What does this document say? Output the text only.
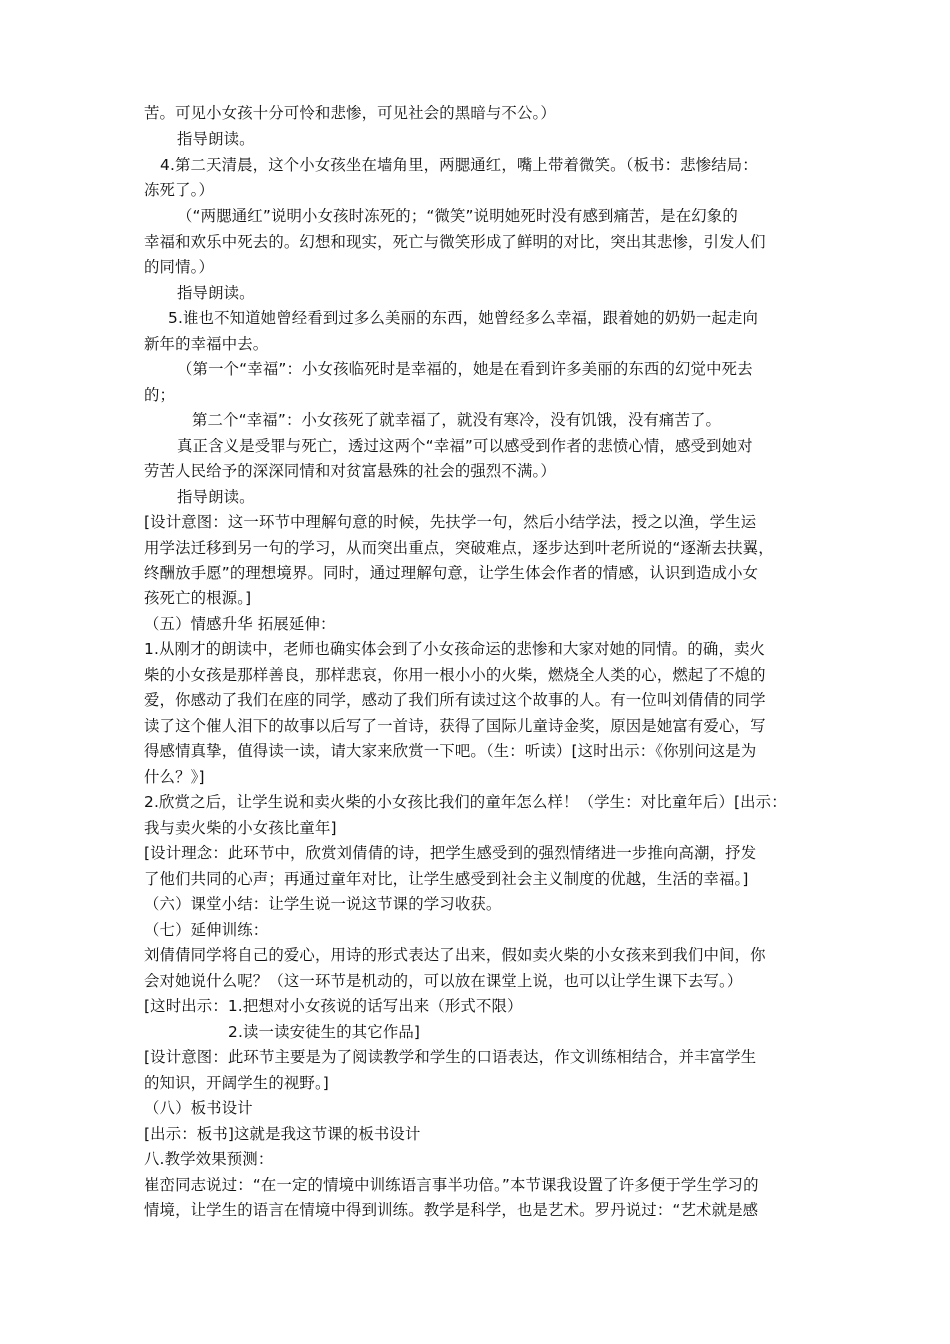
苦。可见小女孩十分可怜和悲惨，可见社会的黑暗与不公。）
指导朗读。
4.第二天清晨，这个小女孩坐在墙角里，两腮通红，嘴上带着微笑。（板书：悲惨结局：
冻死了。）
（“两腮通红”说明小女孩时冻死的；“微笑”说明她死时没有感到痛苦，是在幻象的
幸福和欢乐中死去的。幻想和现实，死亡与微笑形成了鲜明的对比，突出其悲惨，引发人们
的同情。）
指导朗读。
5.谁也不知道她曾经看到过多么美丽的东西，她曾经多么幸福，跟着她的奶奶一起走向
新年的幸福中去。
（第一个“幸福”：小女孩临死时是幸福的，她是在看到许多美丽的东西的幻觉中死去
的；
第二个“幸福”：小女孩死了就幸福了，就没有寒冷，没有饥饿，没有痛苦了。
真正含义是受罪与死亡，透过这两个“幸福”可以感受到作者的悲愤心情，感受到她对
劳苦人民给予的深深同情和对贫富悬殊的社会的强烈不满。）
指导朗读。
[设计意图：这一环节中理解句意的时候，先扶学一句，然后小结学法，授之以渔，学生运
用学法迁移到另一句的学习，从而突出重点，突破难点，逐步达到叶老所说的“逐渐去扶翼，
终酬放手愿”的理想境界。同时，通过理解句意，让学生体会作者的情感，认识到造成小女
孩死亡的根源。]
（五）情感升华 拓展延伸：
1.从刚才的朗读中，老师也确实体会到了小女孩命运的悲惨和大家对她的同情。的确，卖火
柴的小女孩是那样善良，那样悲哀，你用一根小小的火柴，燃烧全人类的心，燃起了不熄的
爱，你感动了我们在座的同学，感动了我们所有读过这个故事的人。有一位叫刘倩倩的同学
读了这个催人泪下的故事以后写了一首诗，获得了国际儿童诗金奖，原因是她富有爱心，写
得感情真挚，值得读一读，请大家来欣赏一下吧。（生：听读）[这时出示：《你别问这是为
什么？》]
2.欣赏之后，让学生说和卖火柴的小女孩比我们的童年怎么样！（学生：对比童年后）[出示：
我与卖火柴的小女孩比童年]
[设计理念：此环节中，欣赏刘倩倩的诗，把学生感受到的强烈情绪进一步推向高潮，抒发
了他们共同的心声；再通过童年对比，让学生感受到社会主义制度的优越，生活的幸福。]
（六）课堂小结：让学生说一说这节课的学习收获。
（七）延伸训练：
刘倩倩同学将自己的爱心，用诗的形式表达了出来，假如卖火柴的小女孩来到我们中间，你
会对她说什么呢？（这一环节是机动的，可以放在课堂上说，也可以让学生课下去写。）
[这时出示：1.把想对小女孩说的话写出来（形式不限）
2.读一读安徒生的其它作品]
[设计意图：此环节主要是为了阅读教学和学生的口语表达，作文训练相结合，并丰富学生
的知识，开阔学生的视野。]
（八）板书设计
[出示：板书]这就是我这节课的板书设计
八.教学效果预测：
崔峦同志说过：“在一定的情境中训练语言事半功倍。”本节课我设置了许多便于学生学习的
情境，让学生的语言在情境中得到训练。教学是科学，也是艺术。罗丹说过：“艺术就是感
